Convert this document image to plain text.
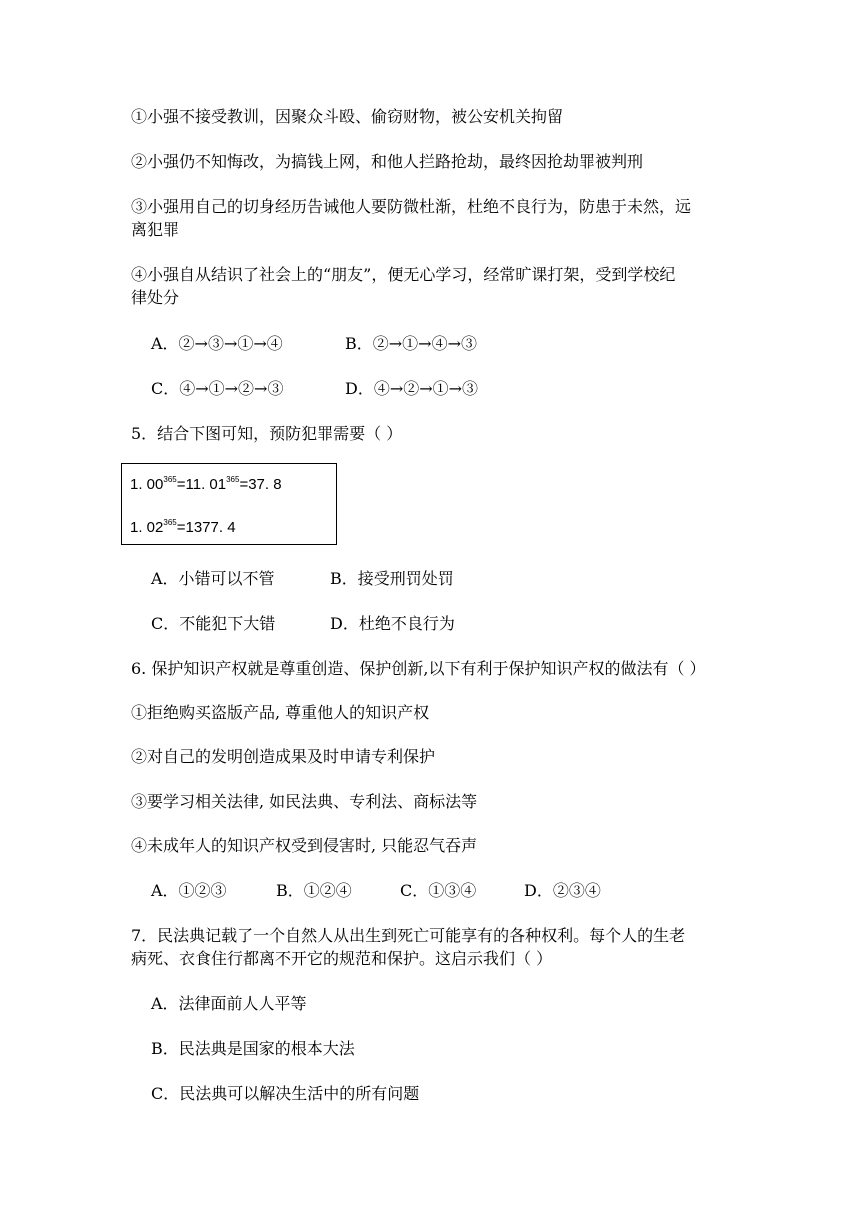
①小强不接受教训，因聚众斗殴、偷窃财物，被公安机关拘留
②小强仍不知悔改，为搞钱上网，和他人拦路抢劫，最终因抢劫罪被判刑
③小强用自己的切身经历告诫他人要防微杜渐，杜绝不良行为，防患于未然，远
离犯罪
④小强自从结识了社会上的“朋友”，便无心学习，经常旷课打架，受到学校纪
律处分
A．②→③→①→④	B．②→①→④→③
C．④→①→②→③	D．④→②→①→③
5．结合下图可知，预防犯罪需要（ ）
1. $00^{365}=11$. $01^{365}=37$. 8
1. $02^{365}=1377$. 4
A．小错可以不管	B．接受刑罚处罚
C．不能犯下大错	D．杜绝不良行为
6. 保护知识产权就是尊重创造、保护创新,以下有利于保护知识产权的做法有（ ）
①拒绝购买盗版产品, 尊重他人的知识产权
②对自己的发明创造成果及时申请专利保护
③要学习相关法律, 如民法典、专利法、商标法等
④未成年人的知识产权受到侵害时, 只能忍气吞声
A．①②③	B．①②④	C．①③④	D．②③④
7．民法典记载了一个自然人从出生到死亡可能享有的各种权利。每个人的生老
病死、衣食住行都离不开它的规范和保护。这启示我们（ ）
A．法律面前人人平等
B．民法典是国家的根本大法
C．民法典可以解决生活中的所有问题
